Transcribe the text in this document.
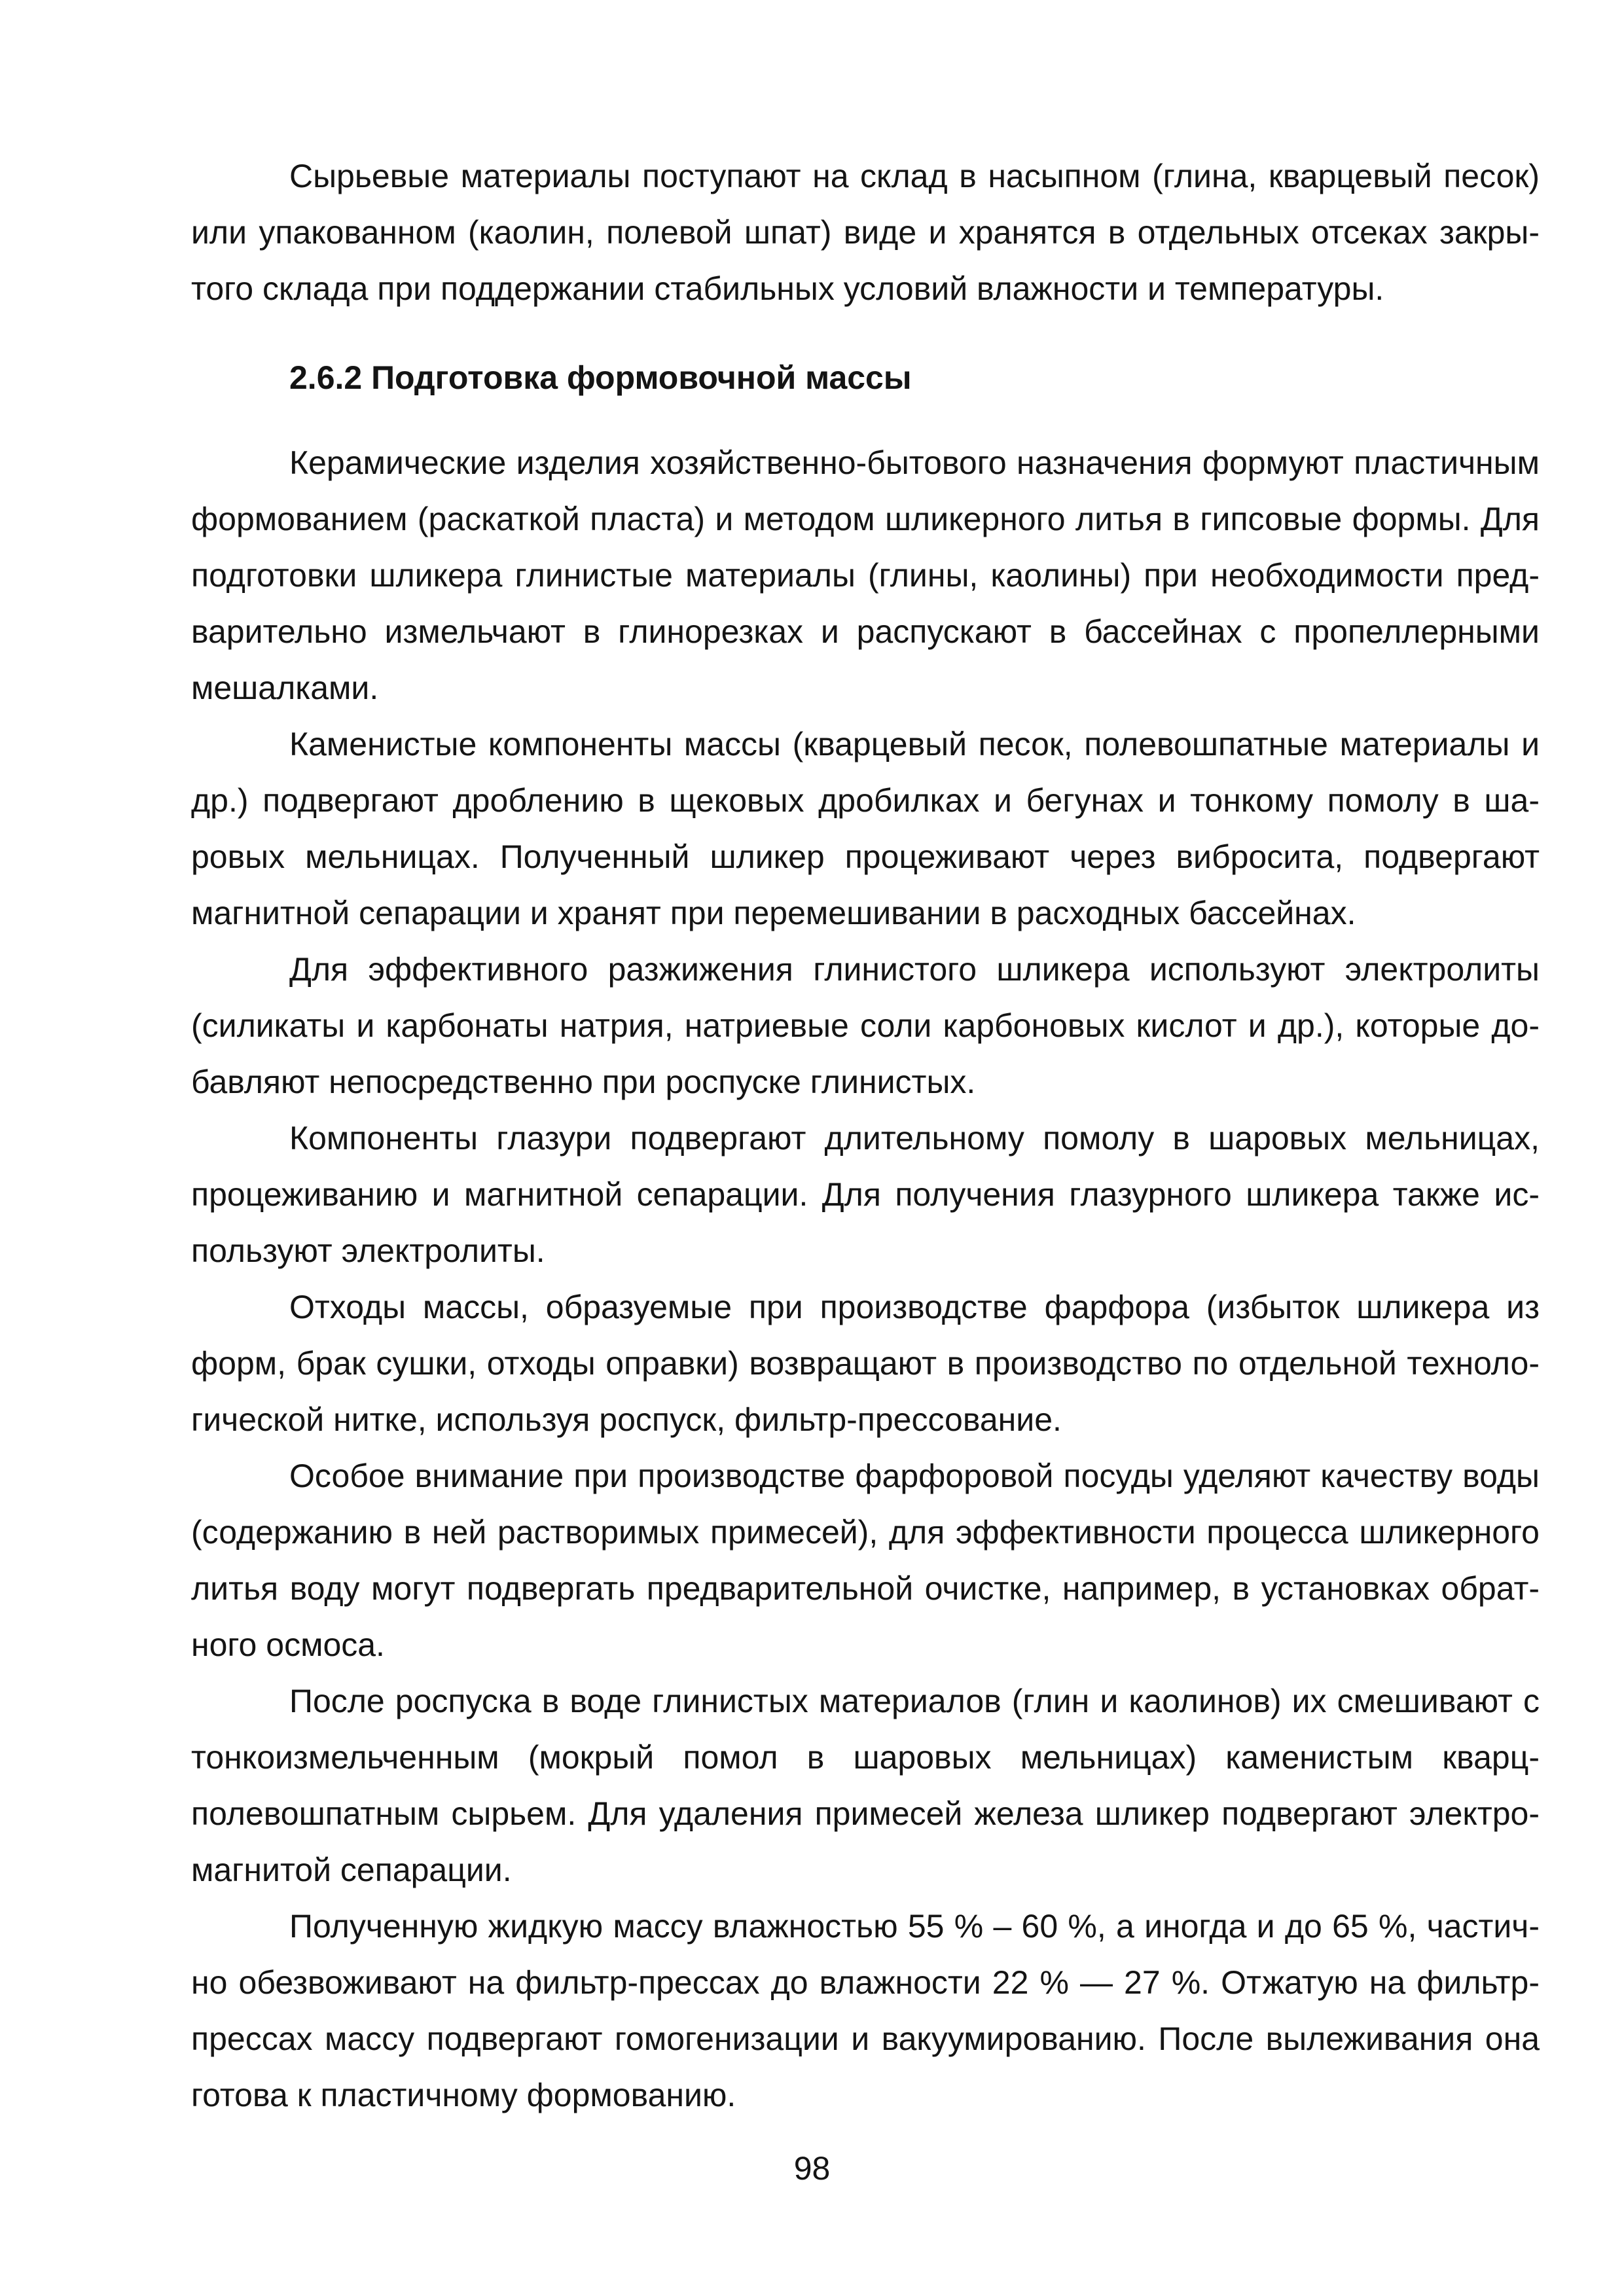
Сырьевые материалы поступают на склад в насыпном (глина, кварцевый песок) или упакованном (каолин, полевой шпат) виде и хранятся в отдельных отсеках закрытого склада при поддержании стабильных условий влажности и температуры.

2.6.2 Подготовка формовочной массы

Керамические изделия хозяйственно-бытового назначения формуют пластичным формованием (раскаткой пласта) и методом шликерного литья в гипсовые формы. Для подготовки шликера глинистые материалы (глины, каолины) при необходимости предварительно измельчают в глинорезках и распускают в бассейнах с пропеллерными мешалками.

Каменистые компоненты массы (кварцевый песок, полевошпатные материалы и др.) подвергают дроблению в щековых дробилках и бегунах и тонкому помолу в шаровых мельницах. Полученный шликер процеживают через вибросита, подвергают магнитной сепарации и хранят при перемешивании в расходных бассейнах.

Для эффективного разжижения глинистого шликера используют электролиты (силикаты и карбонаты натрия, натриевые соли карбоновых кислот и др.), которые добавляют непосредственно при роспуске глинистых.

Компоненты глазури подвергают длительному помолу в шаровых мельницах, процеживанию и магнитной сепарации. Для получения глазурного шликера также используют электролиты.

Отходы массы, образуемые при производстве фарфора (избыток шликера из форм, брак сушки, отходы оправки) возвращают в производство по отдельной технологической нитке, используя роспуск, фильтр-прессование.

Особое внимание при производстве фарфоровой посуды уделяют качеству воды (содержанию в ней растворимых примесей), для эффективности процесса шликерного литья воду могут подвергать предварительной очистке, например, в установках обратного осмоса.

После роспуска в воде глинистых материалов (глин и каолинов) их смешивают с тонкоизмельченным (мокрый помол в шаровых мельницах) каменистым кварц-полевошпатным сырьем. Для удаления примесей железа шликер подвергают электромагнитой сепарации.

Полученную жидкую массу влажностью 55 % – 60 %, а иногда и до 65 %, частично обезвоживают на фильтр-прессах до влажности 22 % — 27 %. Отжатую на фильтр-прессах массу подвергают гомогенизации и вакуумированию. После вылеживания она готова к пластичному формованию.

98
